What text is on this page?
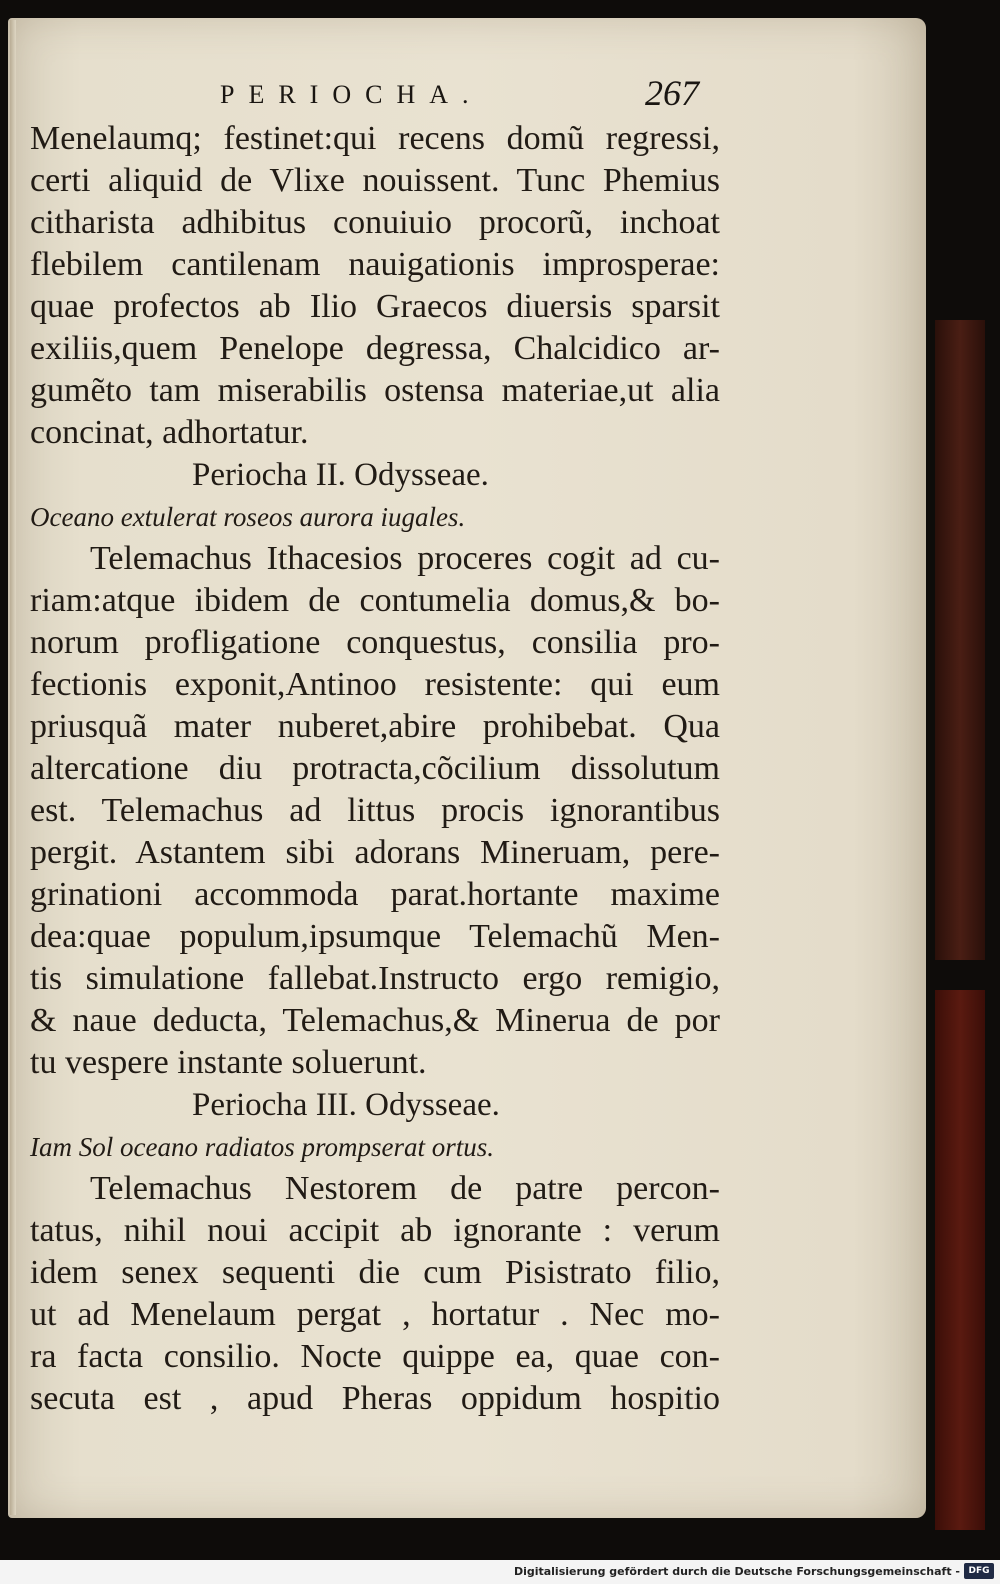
PERIOCHA.	267
Menelaumq; festinet:qui recens domũ regressi,
certi aliquid de Vlixe nouissent. Tunc Phemius
citharista adhibitus conuiuio procorũ, inchoat
flebilem cantilenam nauigationis improsperae:
quae profectos ab Ilio Graecos diuersis sparsit
exiliis,quem Penelope degressa, Chalcidico ar-
gumẽto tam miserabilis ostensa materiae,ut alia
concinat, adhortatur.
Periocha II. Odysseae.
Oceano extulerat roseos aurora iugales.
Telemachus Ithacesios proceres cogit ad cu-
riam:atque ibidem de contumelia domus,& bo-
norum profligatione conquestus, consilia pro-
fectionis exponit,Antinoo resistente: qui eum
priusquã mater nuberet,abire prohibebat. Qua
altercatione diu protracta,cõcilium dissolutum
est. Telemachus ad littus procis ignorantibus
pergit. Astantem sibi adorans Mineruam, pere-
grinationi accommoda parat.hortante maxime
dea:quae populum,ipsumque Telemachũ Men-
tis simulatione fallebat.Instructo ergo remigio,
& naue deducta, Telemachus,& Minerua de por
tu vespere instante soluerunt.
Periocha III. Odysseae.
Iam Sol oceano radiatos prompserat ortus.
Telemachus Nestorem de patre percon-
tatus, nihil noui accipit ab ignorante : verum
idem senex sequenti die cum Pisistrato filio,
ut ad Menelaum pergat , hortatur . Nec mo-
ra facta consilio. Nocte quippe ea, quae con-
secuta est , apud Pheras oppidum hospitio
Digitalisierung gefördert durch die Deutsche Forschungsgemeinschaft - DFG
